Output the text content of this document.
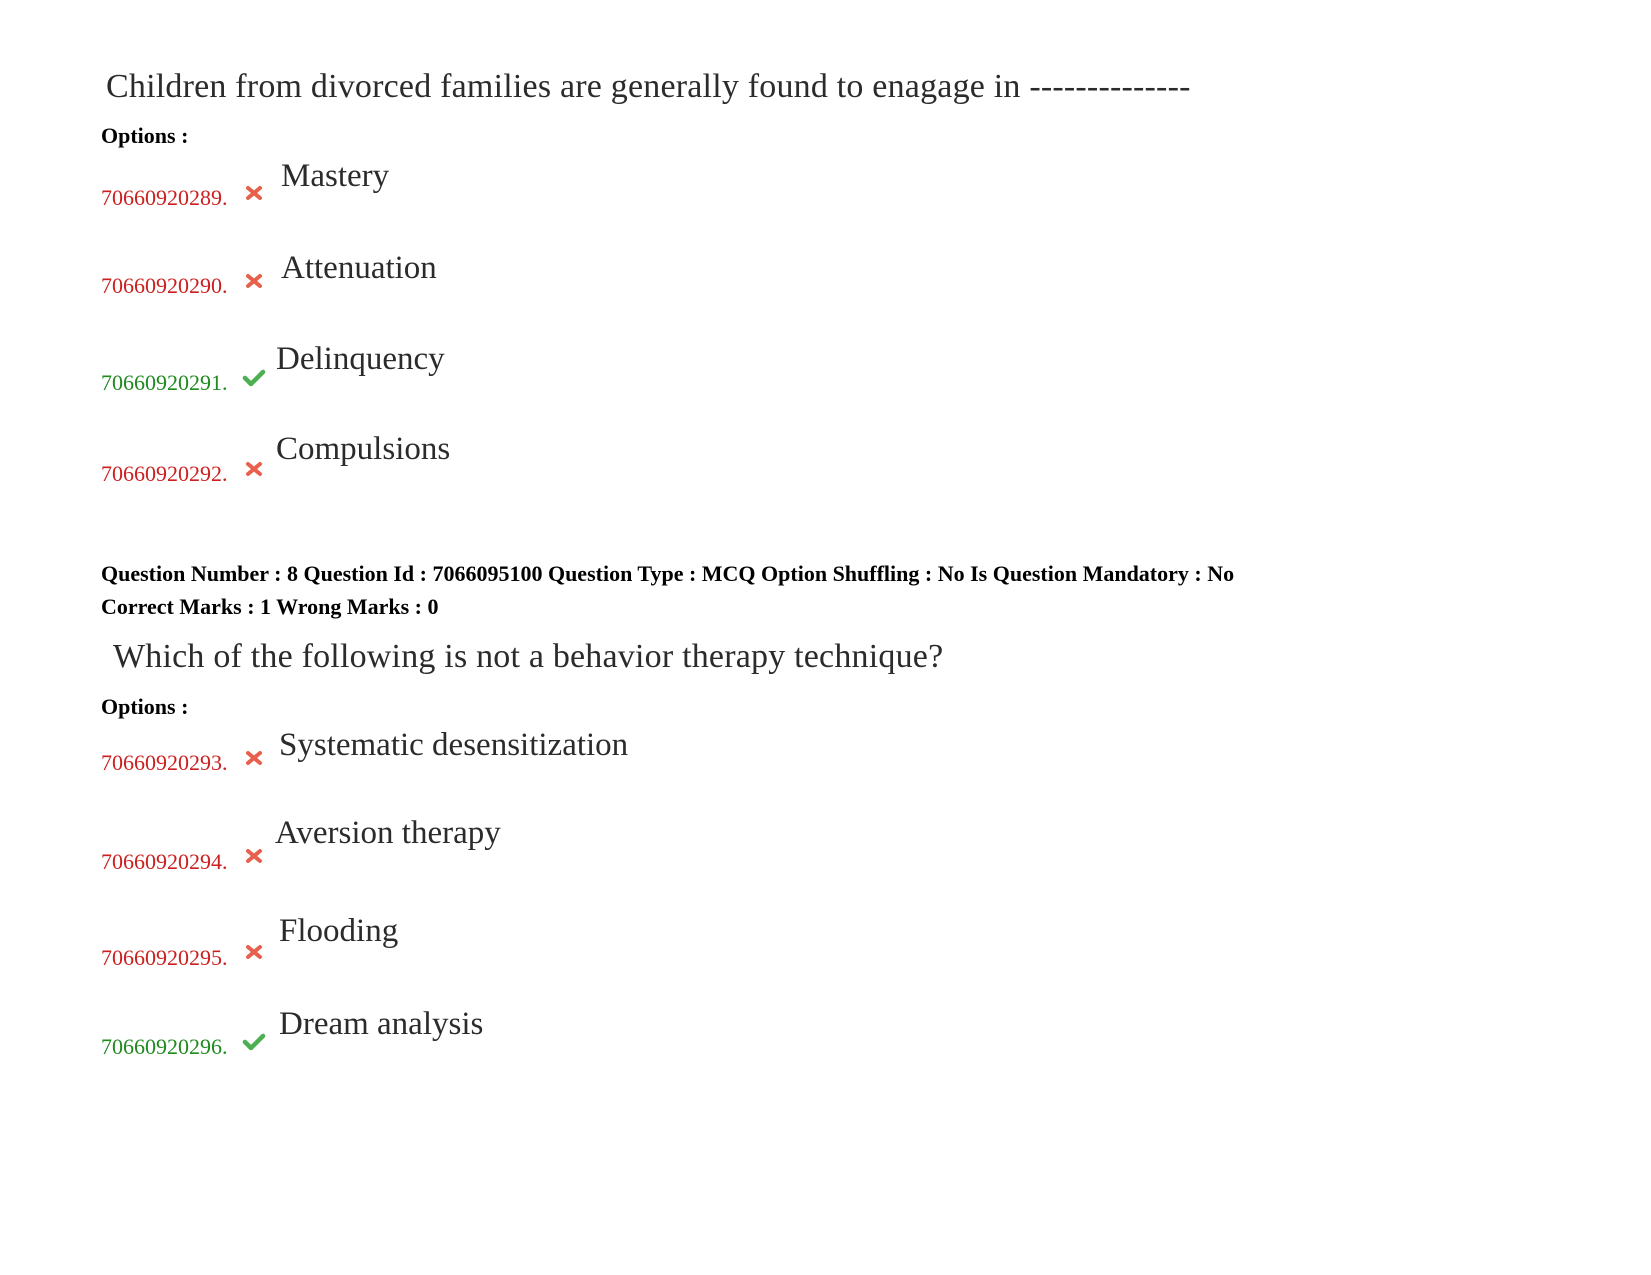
Children from divorced families are generally found to enagage in --------------
Options :
70660920289.
Mastery
70660920290. Attenuation
70660920291.
Delinquency
70660920292.
Compulsions
Question Number : 8 Question Id : 7066095100 Question Type : MCQ Option Shuffling : No Is Question Mandatory : No
Correct Marks : 1 Wrong Marks : 0
Which of the following is not a behavior therapy technique?
Options :
70660920293. Systematic desensitization
70660920294.
Aversion therapy
70660920295.
Flooding
70660920296.
Dream analysis
